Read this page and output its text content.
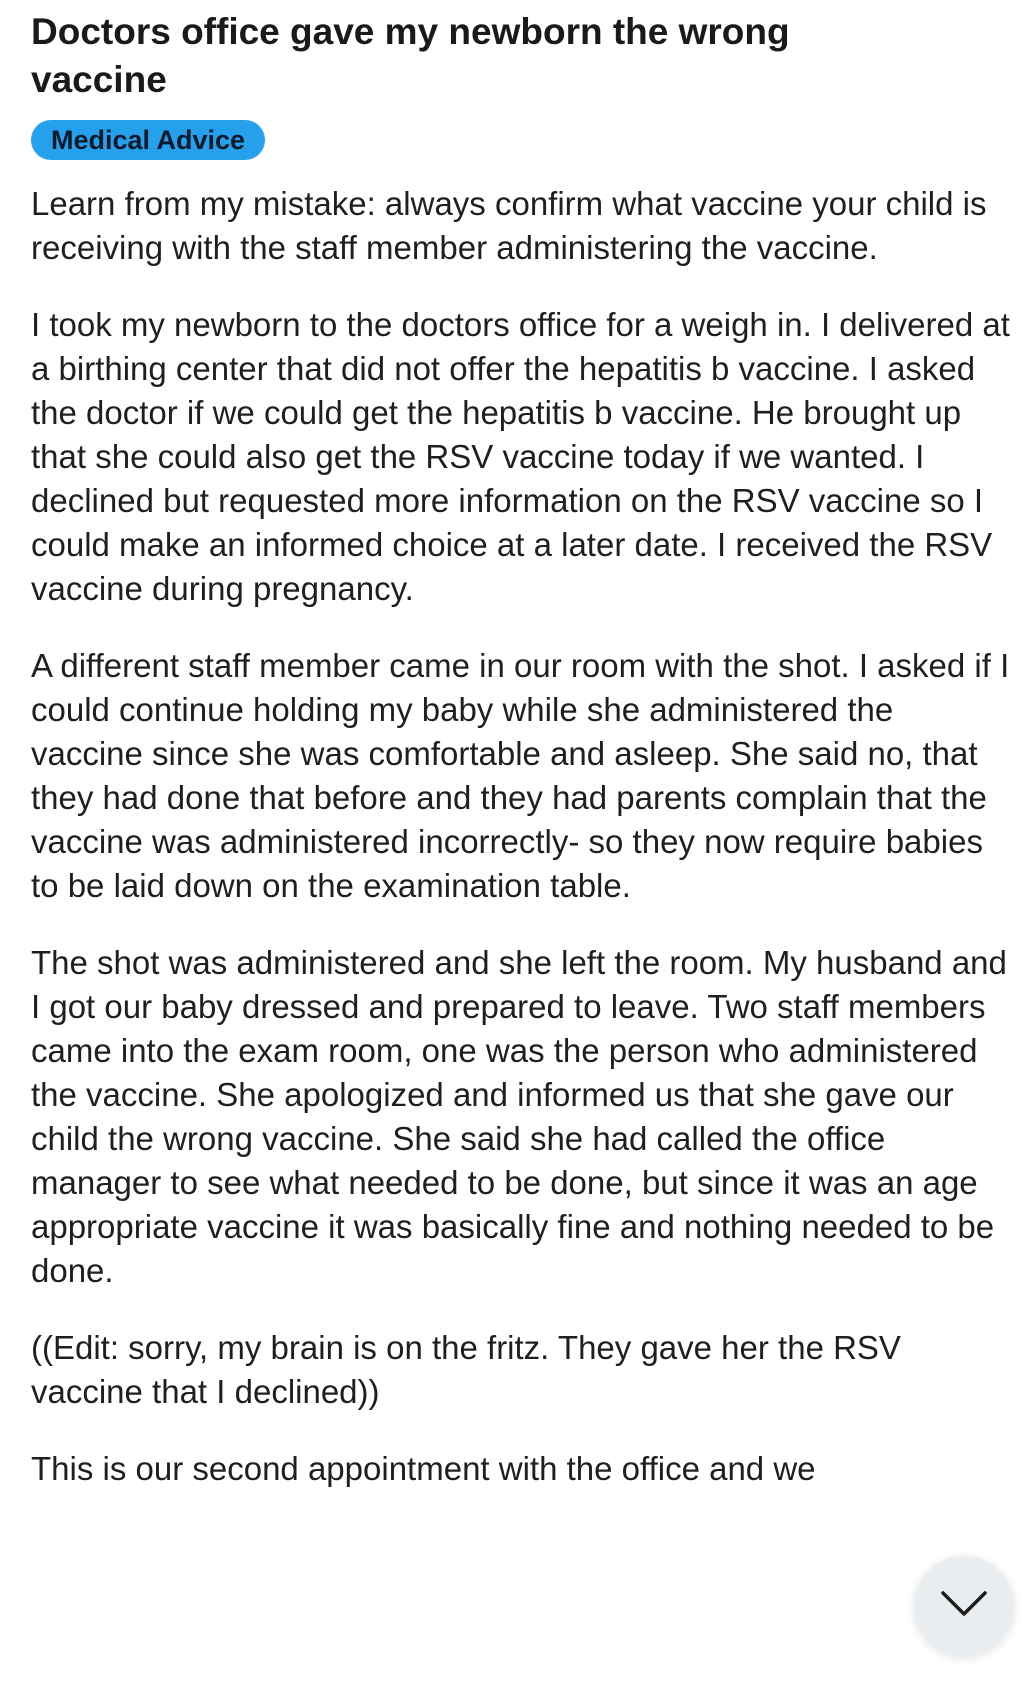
Doctors office gave my newborn the wrong vaccine
Medical Advice

Learn from my mistake: always confirm what vaccine your child is receiving with the staff member administering the vaccine.

I took my newborn to the doctors office for a weigh in. I delivered at a birthing center that did not offer the hepatitis b vaccine. I asked the doctor if we could get the hepatitis b vaccine. He brought up that she could also get the RSV vaccine today if we wanted. I declined but requested more information on the RSV vaccine so I could make an informed choice at a later date. I received the RSV vaccine during pregnancy.

A different staff member came in our room with the shot. I asked if I could continue holding my baby while she administered the vaccine since she was comfortable and asleep. She said no, that they had done that before and they had parents complain that the vaccine was administered incorrectly- so they now require babies to be laid down on the examination table.

The shot was administered and she left the room. My husband and I got our baby dressed and prepared to leave. Two staff members came into the exam room, one was the person who administered the vaccine. She apologized and informed us that she gave our child the wrong vaccine. She said she had called the office manager to see what needed to be done, but since it was an age appropriate vaccine it was basically fine and nothing needed to be done.

((Edit: sorry, my brain is on the fritz. They gave her the RSV vaccine that I declined))

This is our second appointment with the office and we
